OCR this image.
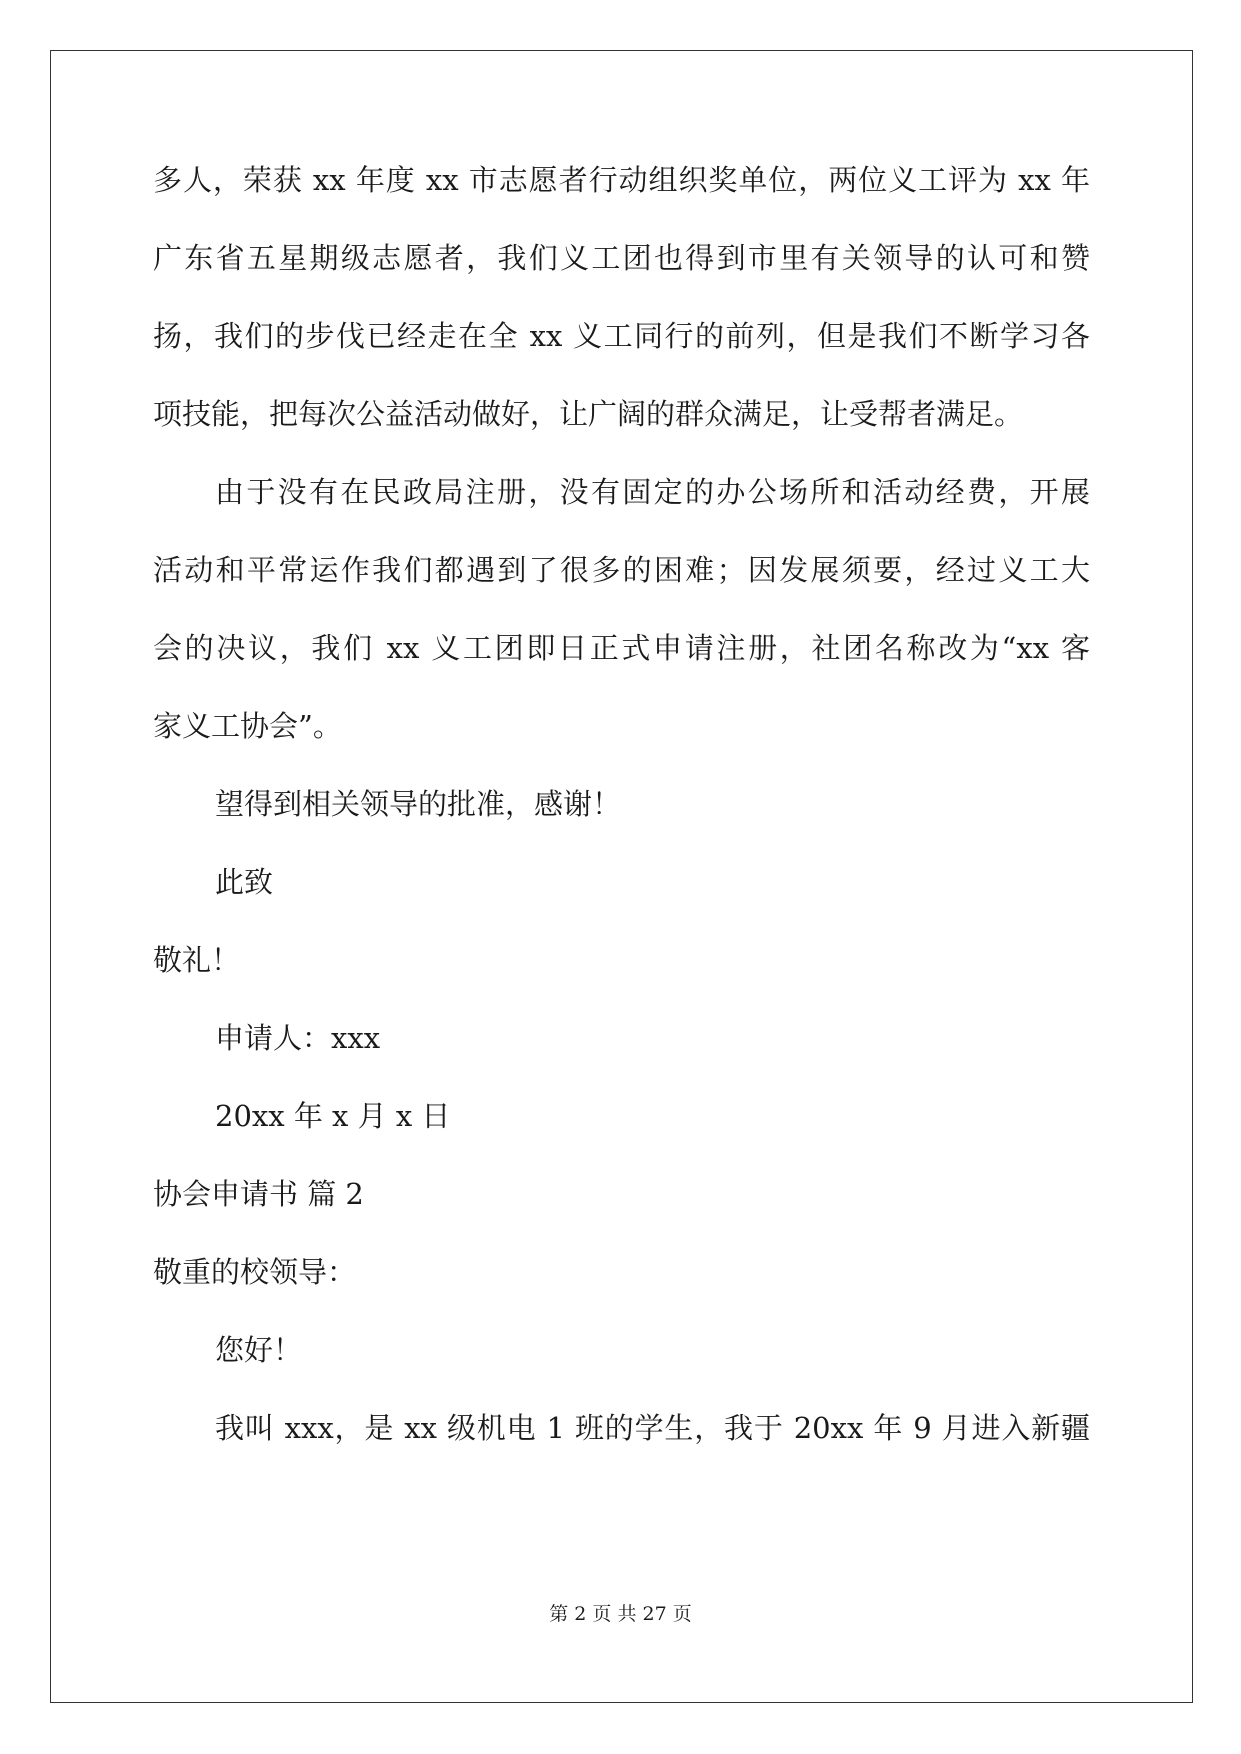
多人，荣获 xx 年度 xx 市志愿者行动组织奖单位，两位义工评为 xx 年
广东省五星期级志愿者，我们义工团也得到市里有关领导的认可和赞
扬，我们的步伐已经走在全 xx 义工同行的前列，但是我们不断学习各
项技能，把每次公益活动做好，让广阔的群众满足，让受帮者满足。
由于没有在民政局注册，没有固定的办公场所和活动经费，开展
活动和平常运作我们都遇到了很多的困难；因发展须要，经过义工大
会的决议，我们 xx 义工团即日正式申请注册，社团名称改为“xx 客
家义工协会”。
望得到相关领导的批准，感谢！
此致
敬礼！
申请人：xxx
20xx 年 x 月 x 日
协会申请书 篇 2
敬重的校领导：
您好！
我叫 xxx，是 xx 级机电 1 班的学生，我于 20xx 年 9 月进入新疆
第 2 页 共 27 页
